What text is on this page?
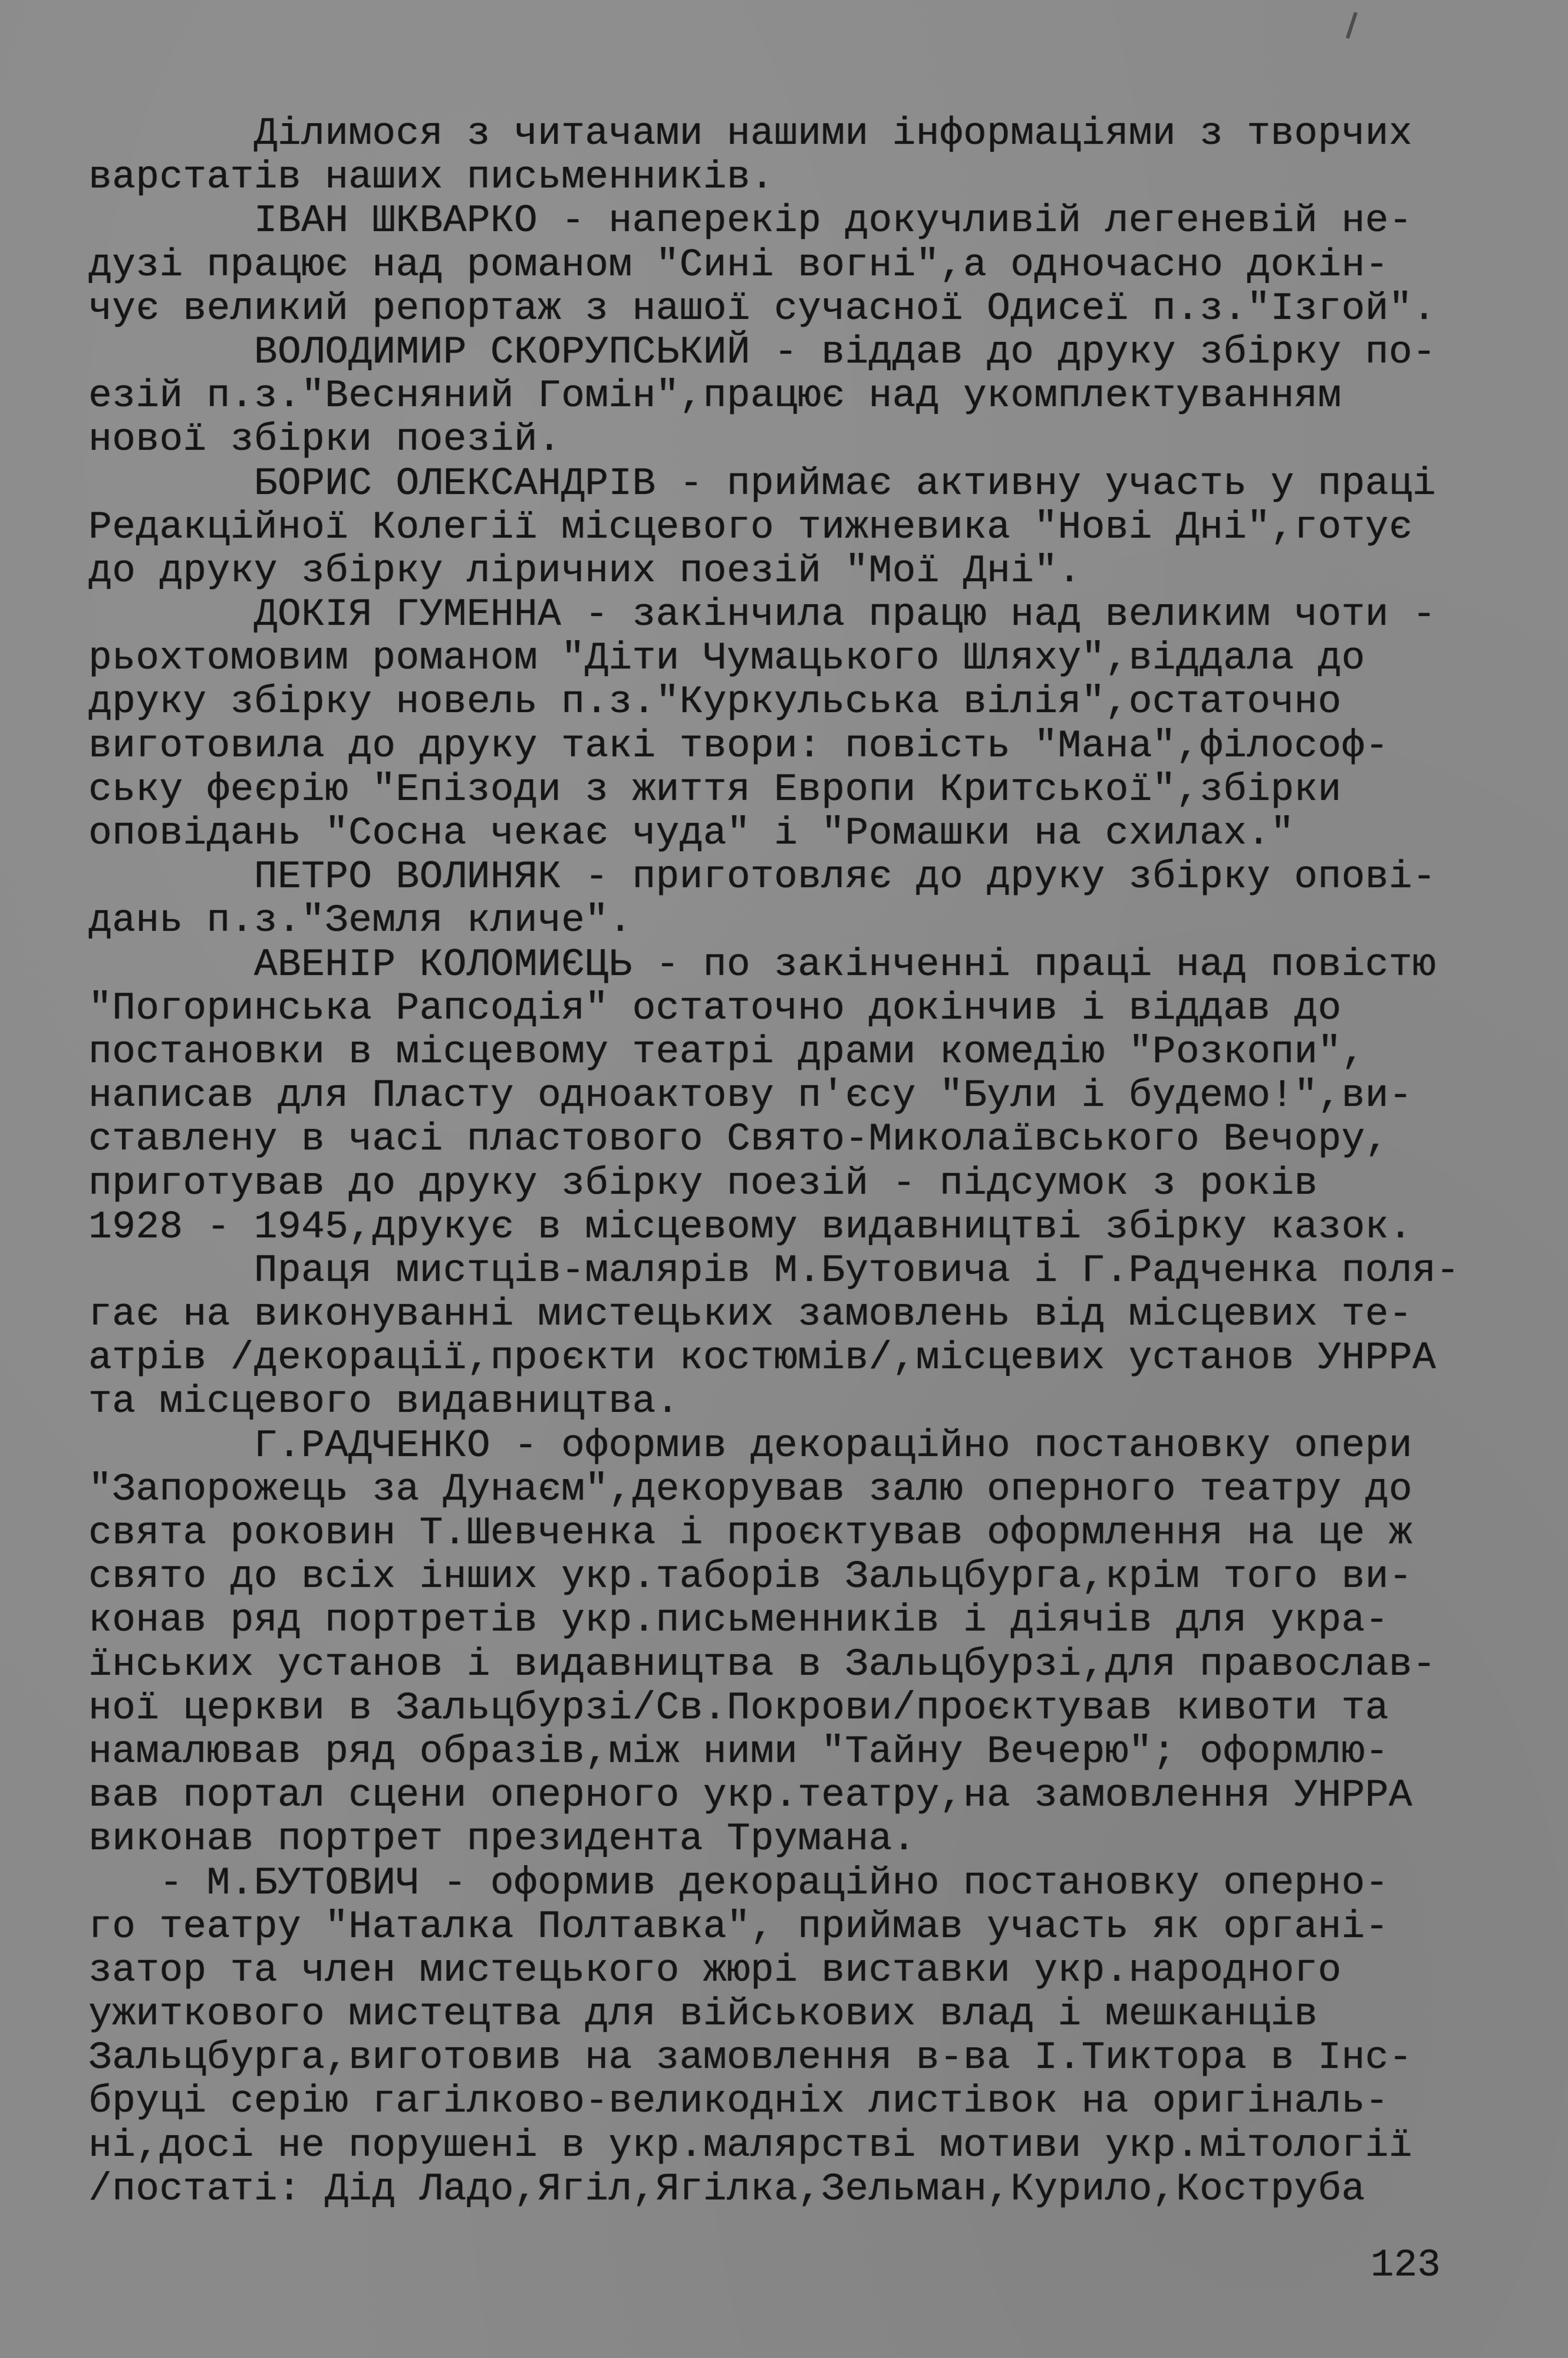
Ділимося з читачами нашими інформаціями з творчих
варстатів наших письменників.
ІВАН ШКВАРКО - наперекір докучливій легеневій не-
дузі працює над романом "Сині вогні",а одночасно докін-
чує великий репортаж з нашої сучасної Одисеї п.з."Ізгой".
ВОЛОДИМИР СКОРУПСЬКИЙ - віддав до друку збірку по-
езій п.з."Весняний Гомін",працює над укомплектуванням
нової збірки поезій.
БОРИС ОЛЕКСАНДРІВ - приймає активну участь у праці
Редакційної Колегії місцевого тижневика "Нові Дні",готує
до друку збірку ліричних поезій "Мої Дні".
ДОКІЯ ГУМЕННА - закінчила працю над великим чоти -
рьохтомовим романом "Діти Чумацького Шляху",віддала до
друку збірку новель п.з."Куркульська вілія",остаточно
виготовила до друку такі твори: повість "Мана",філософ-
ську феєрію "Епізоди з життя Европи Критської",збірки
оповідань "Сосна чекає чуда" і "Ромашки на схилах."
ПЕТРО ВОЛИНЯК - приготовляє до друку збірку опові-
дань п.з."Земля кличе".
АВЕНІР КОЛОМИЄЦЬ - по закінченні праці над повістю
"Погоринська Рапсодія" остаточно докінчив і віддав до
постановки в місцевому театрі драми комедію "Розкопи",
написав для Пласту одноактову п'єсу "Були і будемо!",ви-
ставлену в часі пластового Свято-Миколаївського Вечору,
приготував до друку збірку поезій - підсумок з років
1928 - 1945,друкує в місцевому видавництві збірку казок.
Праця мистців-малярів М.Бутовича і Г.Радченка поля-
гає на виконуванні мистецьких замовлень від місцевих те-
атрів /декорації,проєкти костюмів/,місцевих установ УНРРА
та місцевого видавництва.
Г.РАДЧЕНКО - оформив декораційно постановку опери
"Запорожець за Дунаєм",декорував залю оперного театру до
свята роковин Т.Шевченка і проєктував оформлення на це ж
свято до всіх інших укр.таборів Зальцбурга,крім того ви-
конав ряд портретів укр.письменників і діячів для укра-
їнських установ і видавництва в Зальцбурзі,для православ-
ної церкви в Зальцбурзі/Св.Покрови/проєктував кивоти та
намалював ряд образів,між ними "Тайну Вечерю"; оформлю-
вав портал сцени оперного укр.театру,на замовлення УНРРА
виконав портрет президента Трумана.
- М.БУТОВИЧ - оформив декораційно постановку оперно-
го театру "Наталка Полтавка", приймав участь як органі-
затор та член мистецького жюрі виставки укр.народного
ужиткового мистецтва для військових влад і мешканців
Зальцбурга,виготовив на замовлення в-ва І.Тиктора в Інс-
бруці серію гагілково-великодніх листівок на оригіналь-
ні,досі не порушені в укр.малярстві мотиви укр.мітології
/постаті: Дід Ладо,Ягіл,Ягілка,Зельман,Курило,Коструба
123
